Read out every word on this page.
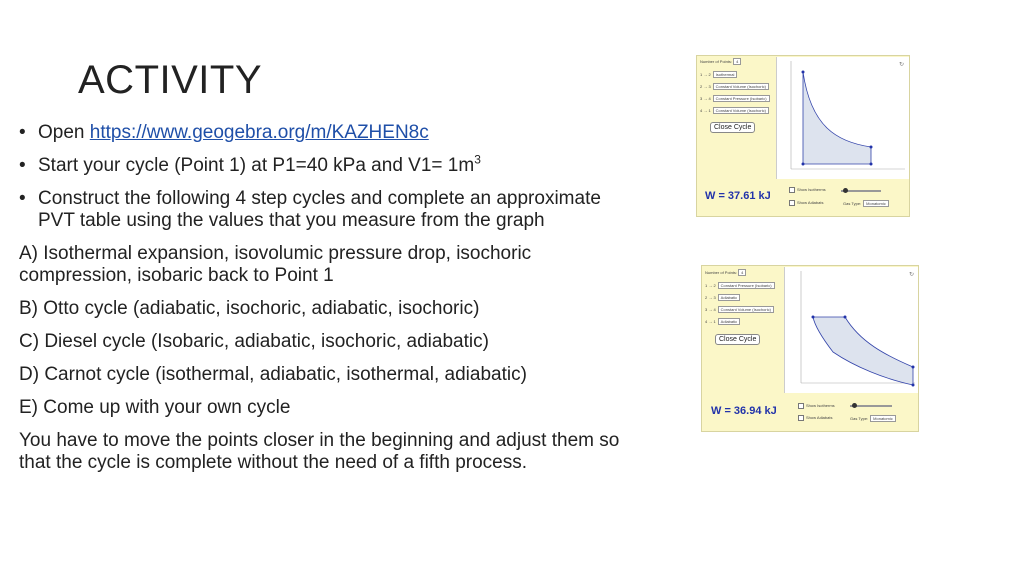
ACTIVITY
• Open https://www.geogebra.org/m/KAZHEN8c
• Start your cycle (Point 1) at P1=40 kPa and $V1= 1m^3$
• Construct the following 4 step cycles and complete an approximate PVT table using the values that you measure from the graph
A) Isothermal expansion, isovolumic pressure drop, isochoric compression, isobaric back to Point 1
B) Otto cycle (adiabatic, isochoric, adiabatic, isochoric)
C) Diesel cycle (Isobaric, adiabatic, isochoric, adiabatic)
D) Carnot cycle (isothermal, adiabatic, isothermal, adiabatic)
E) Come up with your own cycle
You have to move the points closer in the beginning and adjust them so that the cycle is complete without the need of a fifth process.
Number of Points: 4
1 → 2 Isothermal
2 → 3 Constant Volume (Isochoric)
3 → 4 Constant Pressure (Isobaric)
4 → 1 Constant Volume (Isochoric)
Close Cycle
↻
W = 37.61 kJ
Show Isotherms
Show Adiabats	Gas Type: Monatomic
Number of Points: 4
1 → 2 Constant Pressure (Isobaric)
2 → 3 Adiabatic
3 → 4 Constant Volume (Isochoric)
4 → 1 Adiabatic
Close Cycle
↻
W = 36.94 kJ	Show Isotherms
Show Adiabats	Gas Type: Monatomic
